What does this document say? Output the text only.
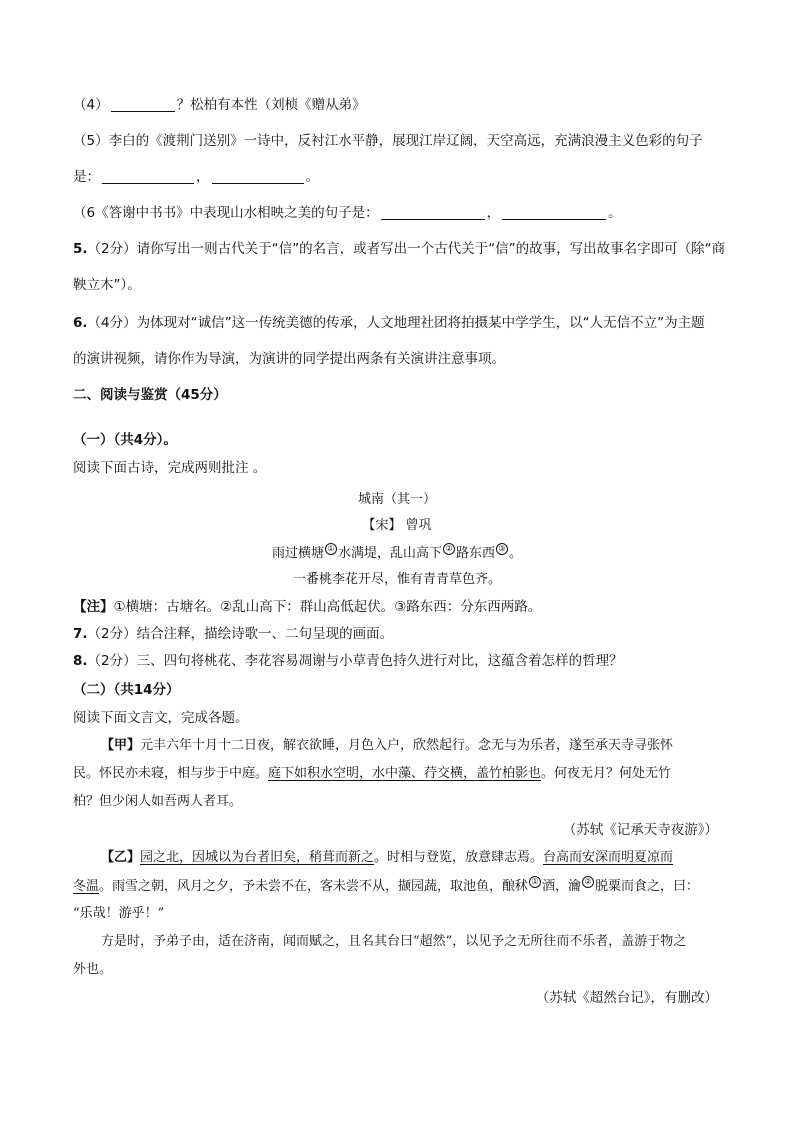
（4）	？松柏有本性（刘桢《赠从弟》
（5）李白的《渡荆门送别》一诗中，反衬江水平静，展现江岸辽阔，天空高远，充满浪漫主义色彩的句子
是：	，	。
（6《答谢中书书》中表现山水相映之美的句子是：	，	。
5.（2分）请你写出一则古代关于“信”的名言，或者写出一个古代关于“信”的故事，写出故事名字即可（除“商
鞅立木”）。
6.（4分）为体现对“诚信”这一传统美德的传承，人文地理社团将拍摄某中学学生，以“人无信不立”为主题
的演讲视频，请你作为导演，为演讲的同学提出两条有关演讲注意事项。
二、阅读与鉴赏（45分）
（一）（共4分）。
阅读下面古诗，完成两则批注 。
城南（其一）
【宋】 曾巩
雨过横塘 ① 水满堤，乱山高下 ② 路东西 ③ 。
一番桃李花开尽，惟有青青草色齐。
【注】①横塘：古塘名。②乱山高下：群山高低起伏。③路东西：分东西两路。
7.（2分）结合注释，描绘诗歌一、二句呈现的画面。
8.（2分）三、四句将桃花、李花容易凋谢与小草青色持久进行对比，这蕴含着怎样的哲理？
（二）（共14分）
阅读下面文言文，完成各题。
【甲】元丰六年十月十二日夜，解衣欲睡，月色入户，欣然起行。念无与为乐者，遂至承天寺寻张怀
民。怀民亦未寝，相与步于中庭。庭下如积水空明，水中藻、荇交横，盖竹柏影也。何夜无月？何处无竹
柏？但少闲人如吾两人者耳。
（苏轼《记承天寺夜游》）
【乙】园之北，因城以为台者旧矣，稍葺而新之。时相与登览，放意肆志焉。台高而安深而明夏凉而
冬温。雨雪之朝，风月之夕，予未尝不在，客未尝不从，撷园蔬，取池鱼，酿秫 ① 酒，瀹 ② 脱粟而食之，曰：
“乐哉！游乎！”
方是时，予弟子由，适在济南，闻而赋之，且名其台曰“超然”，以见予之无所往而不乐者，盖游于物之
外也。
（苏轼《超然台记》，有删改）
